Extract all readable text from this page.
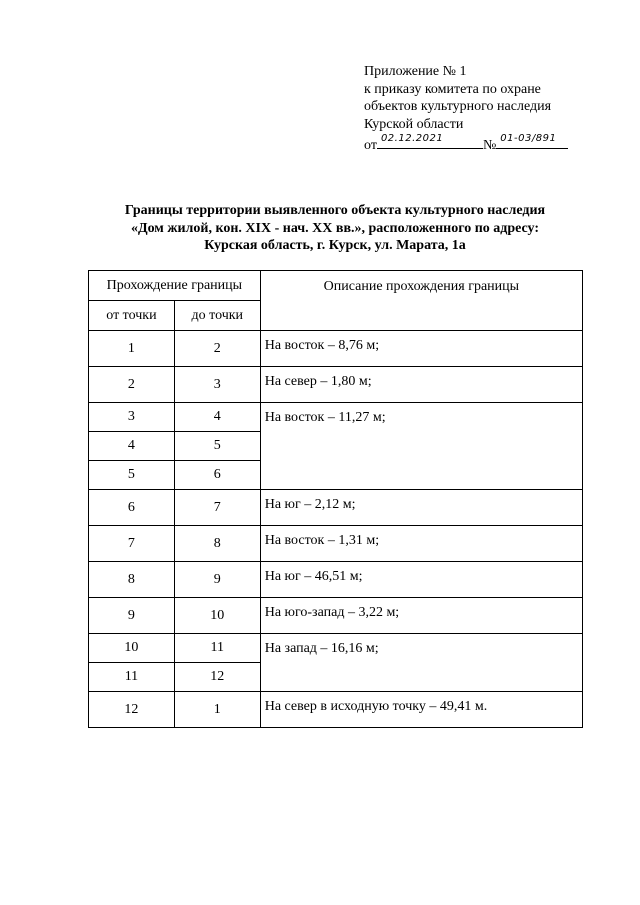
Приложение № 1
к приказу комитета по охране
объектов культурного наследия
Курской области
от 02.12.2021	№ 01-03/891
Границы территории выявленного объекта культурного наследия
«Дом жилой, кон. XIX - нач. XX вв.», расположенного по адресу:
Курская область, г. Курск, ул. Марата, 1а
Прохождение границы		Описание прохождения границы
от точки	до точки	
1	2	На восток – 8,76 м;
2	3	На север – 1,80 м;
3	4	На восток – 11,27 м;
4	5	
5	6	
6	7	На юг – 2,12 м;
7	8	На восток – 1,31 м;
8	9	На юг – 46,51 м;
9	10	На юго-запад – 3,22 м;
10	11	На запад – 16,16 м;
11	12	
12	1	На север в исходную точку – 49,41 м.
